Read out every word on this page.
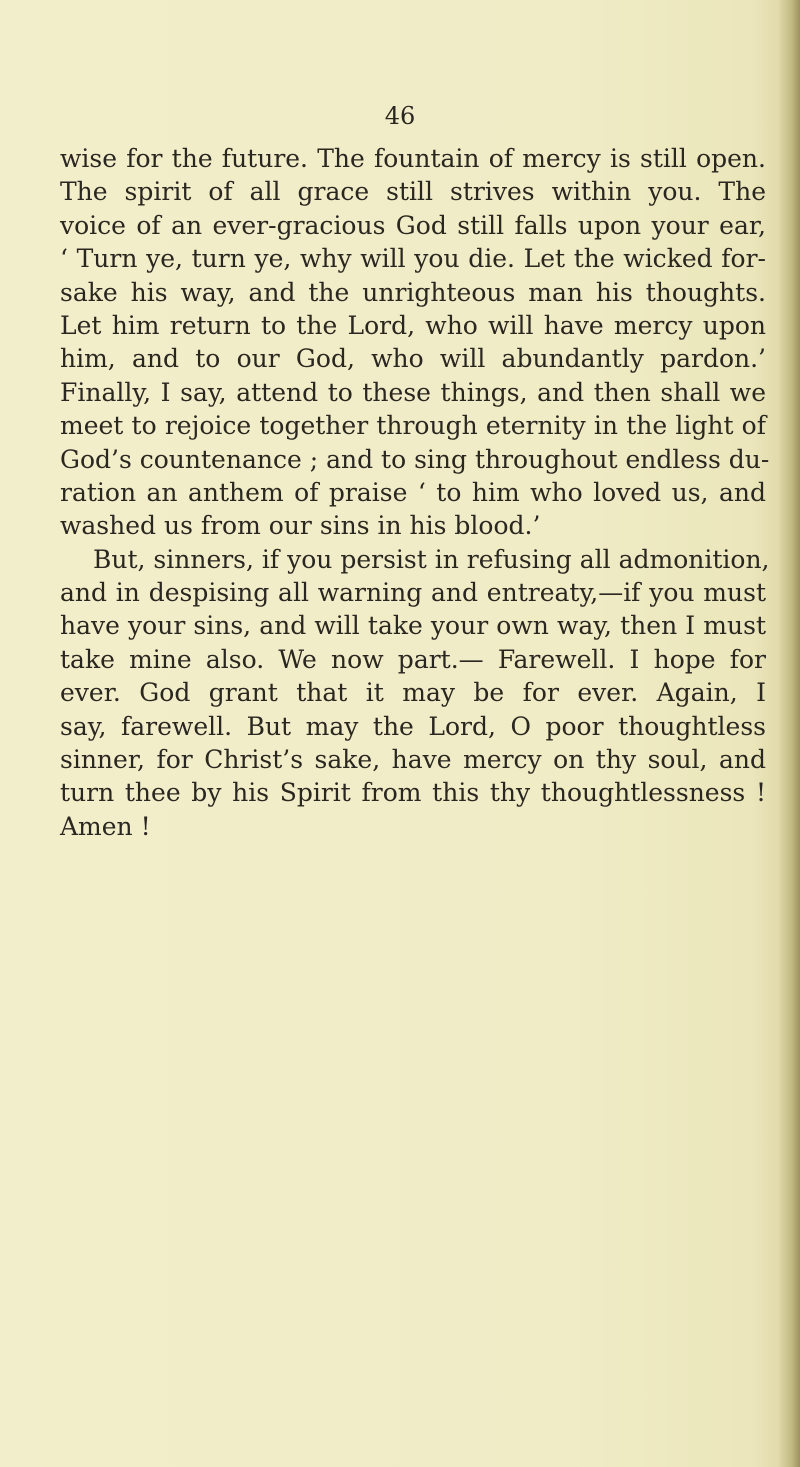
46
wise for the future. The fountain of mercy is still open.
The spirit of all grace still strives within you. The
voice of an ever-gracious God still falls upon your ear,
‘ Turn ye, turn ye, why will you die. Let the wicked for-
sake his way, and the unrighteous man his thoughts.
Let him return to the Lord, who will have mercy upon
him, and to our God, who will abundantly pardon.’
Finally, I say, attend to these things, and then shall we
meet to rejoice together through eternity in the light of
God’s countenance ; and to sing throughout endless du-
ration an anthem of praise ‘ to him who loved us, and
washed us from our sins in his blood.’
But, sinners, if you persist in refusing all admonition,
and in despising all warning and entreaty,—if you must
have your sins, and will take your own way, then I must
take mine also. We now part.— Farewell. I hope for
ever. God grant that it may be for ever. Again, I
say, farewell. But may the Lord, O poor thoughtless
sinner, for Christ’s sake, have mercy on thy soul, and
turn thee by his Spirit from this thy thoughtlessness !
Amen !
